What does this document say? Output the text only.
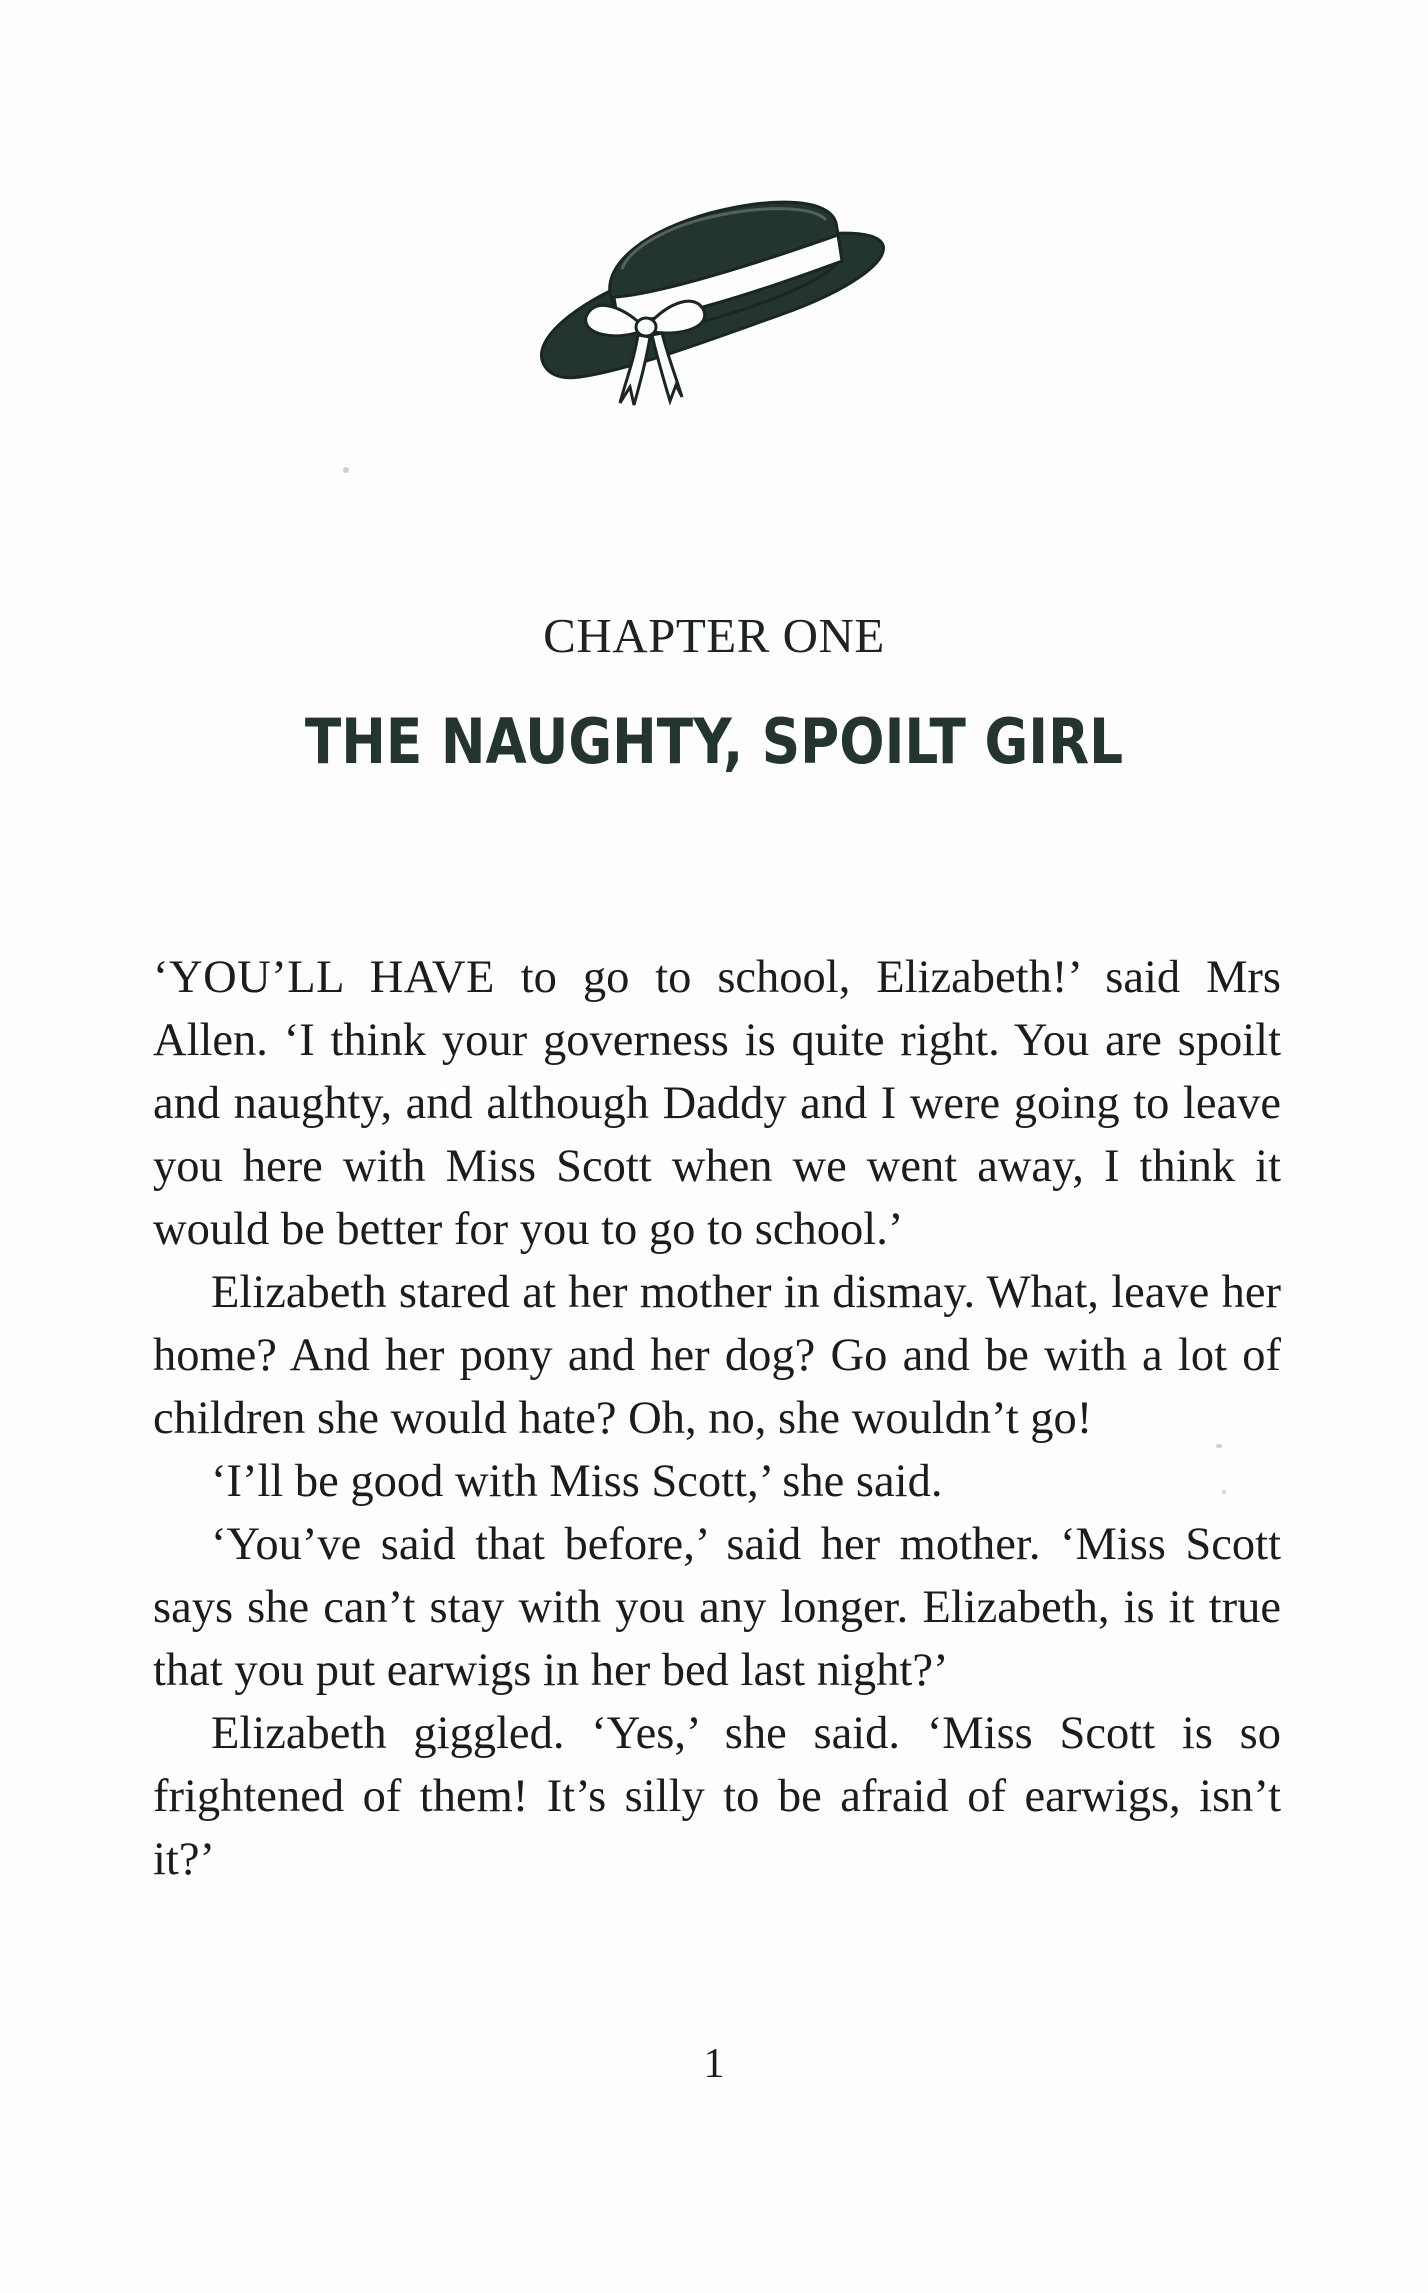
CHAPTER ONE
THE NAUGHTY, SPOILT GIRL

‘YOU’LL HAVE to go to school, Elizabeth!’ said Mrs Allen. ‘I think your governess is quite right. You are spoilt and naughty, and although Daddy and I were going to leave you here with Miss Scott when we went away, I think it would be better for you to go to school.’

Elizabeth stared at her mother in dismay. What, leave her home? And her pony and her dog? Go and be with a lot of children she would hate? Oh, no, she wouldn’t go!

‘I’ll be good with Miss Scott,’ she said.

‘You’ve said that before,’ said her mother. ‘Miss Scott says she can’t stay with you any longer. Elizabeth, is it true that you put earwigs in her bed last night?’

Elizabeth giggled. ‘Yes,’ she said. ‘Miss Scott is so frightened of them! It’s silly to be afraid of earwigs, isn’t it?’

1
